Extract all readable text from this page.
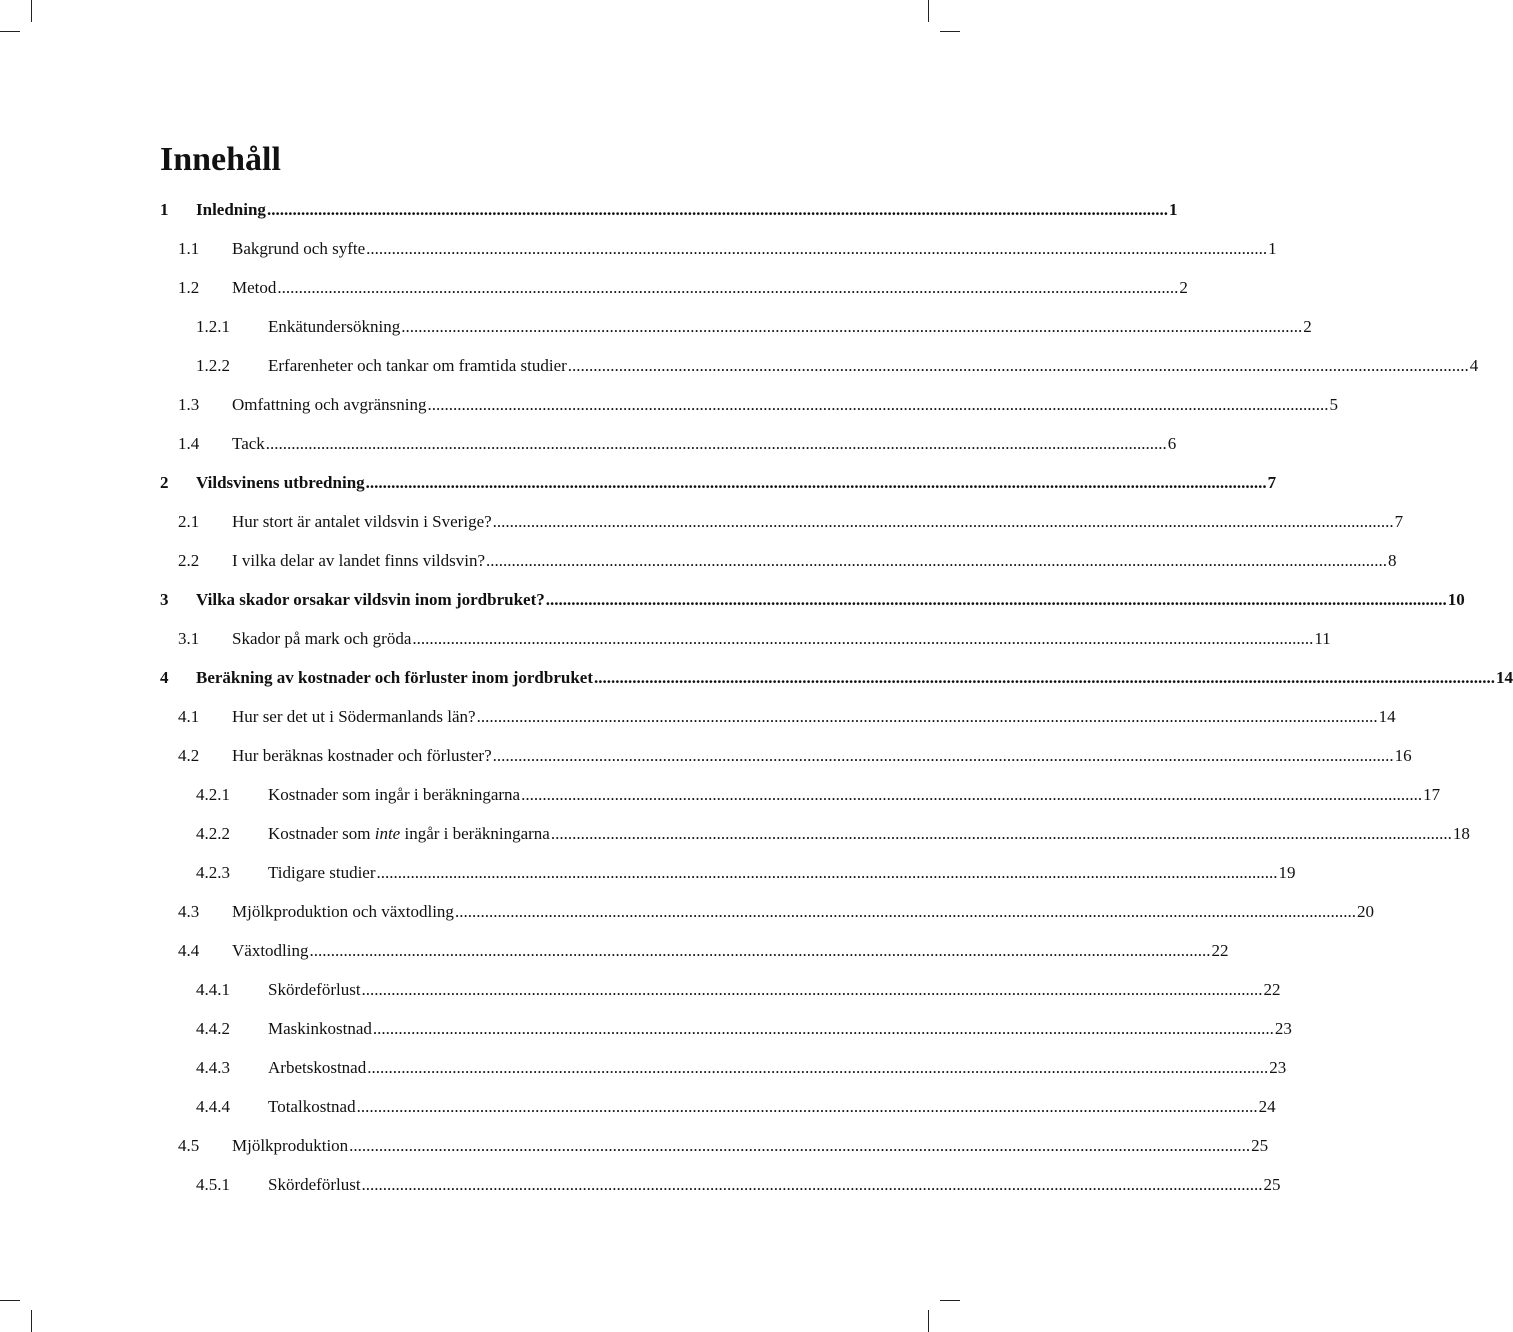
Innehåll
1	Inledning .....	1
1.1	Bakgrund och syfte .....	1
1.2	Metod .....	2
1.2.1	Enkätundersökning .....	2
1.2.2	Erfarenheter och tankar om framtida studier .....	4
1.3	Omfattning och avgränsning .....	5
1.4	Tack .....	6
2	Vildsvinens utbredning .....	7
2.1	Hur stort är antalet vildsvin i Sverige? .....	7
2.2	I vilka delar av landet finns vildsvin? .....	8
3	Vilka skador orsakar vildsvin inom jordbruket? .....	10
3.1	Skador på mark och gröda .....	11
4	Beräkning av kostnader och förluster inom jordbruket .....	14
4.1	Hur ser det ut i Södermanlands län? .....	14
4.2	Hur beräknas kostnader och förluster? .....	16
4.2.1	Kostnader som ingår i beräkningarna .....	17
4.2.2	Kostnader som inte ingår i beräkningarna .....	18
4.2.3	Tidigare studier .....	19
4.3	Mjölkproduktion och växtodling .....	20
4.4	Växtodling .....	22
4.4.1	Skördeförlust .....	22
4.4.2	Maskinkostnad .....	23
4.4.3	Arbetskostnad .....	23
4.4.4	Totalkostnad .....	24
4.5	Mjölkproduktion .....	25
4.5.1	Skördeförlust .....	25
